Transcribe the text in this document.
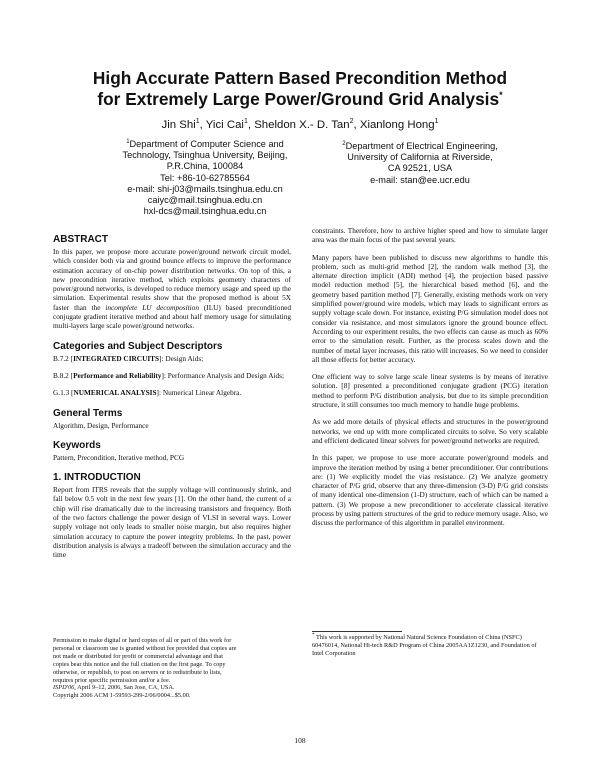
High Accurate Pattern Based Precondition Method
for Extremely Large Power/Ground Grid Analysis*
Jin Shi$^1$, Yici Cai$^1$, Sheldon X.- D. Tan$^2$, Xianlong Hong$^1$
$^1$Department of Computer Science and
Technology, Tsinghua University, Beijing,
P.R.China, 100084
Tel: +86-10-62785564
e-mail: shi-j03@mails.tsinghua.edu.cn
caiyc@mail.tsinghua.edu.cn
hxl-dcs@mail.tsinghua.edu.cn
$^2$Department of Electrical Engineering,
University of California at Riverside,
CA 92521, USA
e-mail: stan@ee.ucr.edu
ABSTRACT

In this paper, we propose more accurate power/ground network circuit model, which consider both via and ground bounce effects to improve the performance estimation accuracy of on-chip power distribution networks. On top of this, a new precondition iterative method, which exploits geometry characters of power/ground networks, is developed to reduce memory usage and speed up the simulation. Experimental results show that the proposed method is about 5X faster than the incomplete LU decomposition (ILU) based preconditioned conjugate gradient iterative method and about half memory usage for simulating multi-layers large scale power/ground networks.

Categories and Subject Descriptors

B.7.2 [INTEGRATED CIRCUITS]: Design Aids;

B.8.2 [Performance and Reliability]: Performance Analysis and Design Aids;

G.1.3 [NUMERICAL ANALYSIS]: Numerical Linear Algebra.

General Terms

Algorithm, Design, Performance

Keywords

Pattern, Precondition, Iterative method, PCG

1. INTRODUCTION

Report from ITRS reveals that the supply voltage will continuously shrink, and fall below 0.5 volt in the next few years [1]. On the other hand, the current of a chip will rise dramatically due to the increasing transistors and frequency. Both of the two factors challenge the power design of VLSI in several ways. Lower supply voltage not only leads to smaller noise margin, but also requires higher simulation accuracy to capture the power integrity problems. In the past, power distribution analysis is always a tradeoff between the simulation accuracy and the time

constraints. Therefore, how to archive higher speed and how to simulate larger area was the main focus of the past several years.

Many papers have been published to discuss new algorithms to handle this problem, such as multi-grid method [2], the random walk method [3], the alternate direction implicit (ADI) method [4], the projection based passive model reduction method [5], the hierarchical based method [6], and the geometry based partition method [7]. Generally, existing methods work on very simplified power/ground wire models, which may leads to significant errors as supply voltage scale down. For instance, existing P/G simulation model does not consider via resistance, and most simulators ignore the ground bounce effect. According to our experiment results, the two effects can cause as much as 60% error to the simulation result. Further, as the process scales down and the number of metal layer increases, this ratio will increases. So we need to consider all those effects for better accuracy.

One efficient way to solve large scale linear systems is by means of iterative solution. [8] presented a preconditioned conjugate gradient (PCG) iteration method to perform P/G distribution analysis, but due to its simple precondition structure, it still consumes too much memory to handle huge problems.

As we add more details of physical effects and structures in the power/ground networks, we end up with more complicated circuits to solve. So very scalable and efficient dedicated linear solvers for power/ground networks are required.

In this paper, we propose to use more accurate power/ground models and improve the iteration method by using a better preconditioner. Our contributions are: (1) We explicitly model the vias resistance. (2) We analyze geometry character of P/G grid, observe that any three-dimension (3-D) P/G grid consists of many identical one-dimension (1-D) structure, each of which can be named a pattern. (3) We propose a new preconditioner to accelerate classical iterative process by using pattern structures of the grid to reduce memory usage. Also, we discuss the performance of this algorithm in parallel environment.

Permission to make digital or hard copies of all or part of this work for
personal or classroom use is granted without fee provided that copies are
not made or distributed for profit or commercial advantage and that
copies bear this notice and the full citation on the first page. To copy
otherwise, or republish, to post on servers or to redistribute to lists,
requires prior specific permission and/or a fee.
ISPD'06, April 9–12, 2006, San Jose, CA, USA.
Copyright 2006 ACM 1-59593-299-2/06/0004...$5.00.
* This work is supported by National Natural Science Foundation of China (NSFC) 60476014, National Hi-tech R&D Program of China 2005AA1Z1230, and Foundation of Intel Corporation
108
